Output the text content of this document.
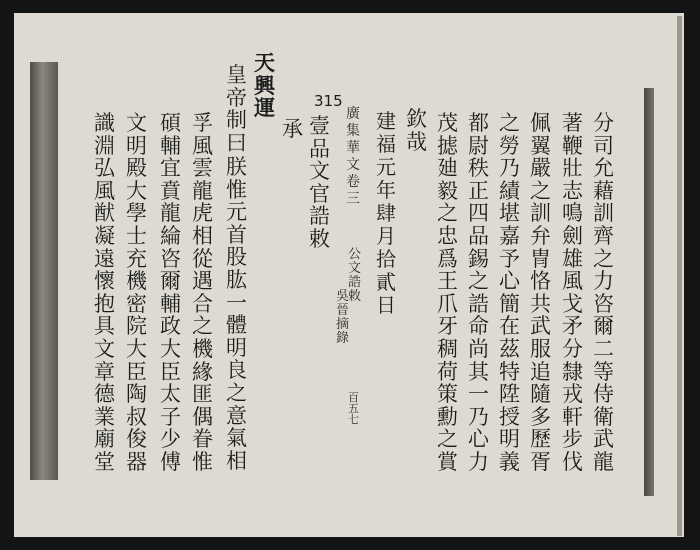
分
司
允
藉
訓
齊
之
力
咨
爾
二
等
侍
衛
武
龍
著
鞭
壯
志
鳴
劍
雄
風
戈
矛
分
隸
戎
軒
步
伐
佩
翼
嚴
之
訓
弁
冑
恪
共
武
服
追
隨
多
歷
胥
之
勞
乃
績
堪
嘉
予
心
簡
在
茲
特
陞
授
明
義
都
尉
秩
正
四
品
錫
之
誥
命
尚
其
一
乃
心
力
茂
摅
廸
毅
之
忠
爲
王
爪
牙
稠
荷
策
勳
之
賞
欽
哉
建
福
元
年
肆
月
拾
貳
日
廣
集
華
文
卷
三
公
文
誥
敕
吳
晉
摘
錄
百
五
七
315
壹
品
文
官
誥
敕
承
天
興
運
皇
帝
制
曰
朕
惟
元
首
股
肱
一
體
明
良
之
意
氣
相
孚
風
雲
龍
虎
相
從
遇
合
之
機
緣
匪
偶
眷
惟
碩
輔
宜
賁
龍
綸
咨
爾
輔
政
大
臣
太
子
少
傅
文
明
殿
大
學
士
充
機
密
院
大
臣
陶
叔
俊
器
識
淵
弘
風
猷
凝
遠
懷
抱
具
文
章
德
業
廟
堂
